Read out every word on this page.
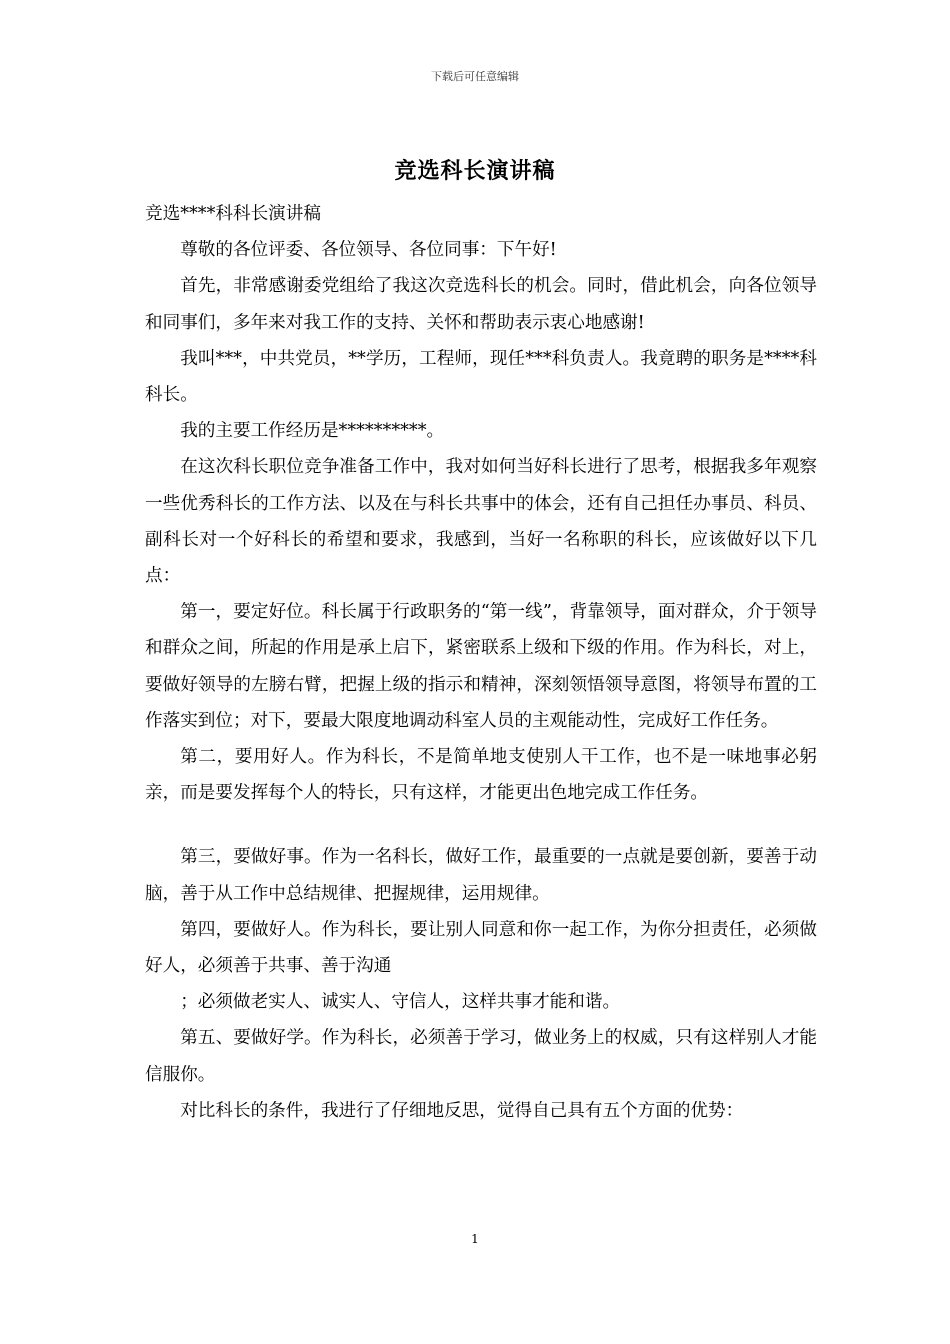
下载后可任意编辑
竞选科长演讲稿

竞选****科科长演讲稿

尊敬的各位评委、各位领导、各位同事：下午好!

首先，非常感谢委党组给了我这次竞选科长的机会。同时，借此机会，向各位领导和同事们，多年来对我工作的支持、关怀和帮助表示衷心地感谢!

我叫***，中共党员，**学历，工程师，现任***科负责人。我竟聘的职务是****科科长。

我的主要工作经历是**********。

在这次科长职位竞争准备工作中，我对如何当好科长进行了思考，根据我多年观察一些优秀科长的工作方法、以及在与科长共事中的体会，还有自己担任办事员、科员、副科长对一个好科长的希望和要求，我感到，当好一名称职的科长，应该做好以下几点：

第一，要定好位。科长属于行政职务的“第一线”，背靠领导，面对群众，介于领导和群众之间，所起的作用是承上启下，紧密联系上级和下级的作用。作为科长，对上，要做好领导的左膀右臂，把握上级的指示和精神，深刻领悟领导意图，将领导布置的工作落实到位；对下，要最大限度地调动科室人员的主观能动性，完成好工作任务。

第二，要用好人。作为科长，不是简单地支使别人干工作，也不是一味地事必躬亲，而是要发挥每个人的特长，只有这样，才能更出色地完成工作任务。

第三，要做好事。作为一名科长，做好工作，最重要的一点就是要创新，要善于动脑，善于从工作中总结规律、把握规律，运用规律。

第四，要做好人。作为科长，要让别人同意和你一起工作，为你分担责任，必须做好人，必须善于共事、善于沟通

；必须做老实人、诚实人、守信人，这样共事才能和谐。

第五、要做好学。作为科长，必须善于学习，做业务上的权威，只有这样别人才能信服你。

对比科长的条件，我进行了仔细地反思，觉得自己具有五个方面的优势：

1
